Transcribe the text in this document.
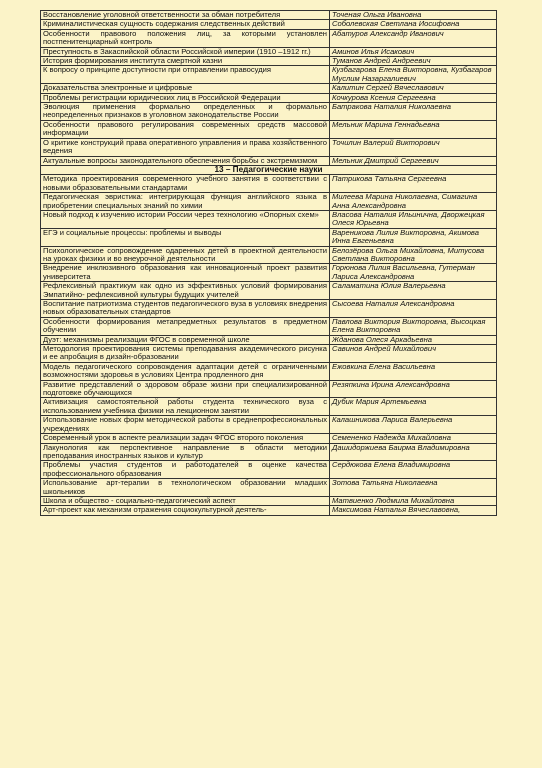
Восстановление уголовной ответственности за обман потребителя	Точеная Ольга Ивановна
Криминалистическая сущность содержания следственных действий	Соболевская Светлана Иосифовна
Особенности правового положения лиц, за которыми установлен постпенитенциарный контроль	Абатуров Александр Иванович
Преступность в Закаспийской области Российской империи (1910 –1912 гг.)	Аминов Илья Исакович
История формирования института смертной казни	Туманов Андрей Андреевич
К вопросу о принципе доступности при отправлении правосудия	Кузбагарова Елена Викторовна, Кузбагаров Муслим Назаргалиевич
Доказательства электронные и цифровые	Калитин Сергей Вячеславович
Проблемы регистрации юридических лиц в Российской Федерации	Кочкурова Ксения Сергеевна
Эволюция применения формально определенных и формально неопределенных признаков в уголовном законодательстве России	Батракова Наталия Николаевна
Особенности правового регулирования современных средств массовой информации	Мельник Марина Геннадьевна
О критике конструкций права оперативного управления и права хозяйственного ведения	Точилин Валерий Викторович
Актуальные вопросы законодательного обеспечения борьбы с экстремизмом	Мельник Дмитрий Сергеевич
13 – Педагогические науки	
Методика проектирования современного учебного занятия в соответствии с новыми образовательными стандартами	Патрикова Татьяна Сергеевна
Педагогическая эвристика: интегрирующая функция английского языка в приобретении специальных знаний по химии	Милеева Марина Николаевна, Симагина Анна Александровна
Новый подход к изучению истории России через технологию «Опорных схем»	Власова Наталия Ильинична, Дворжецкая Олеся Юрьевна
ЕГЭ и социальные процессы: проблемы и выводы	Вареникова Лилия Викторовна, Акимова Инна Евгеньевна
Психологическое сопровождение одаренных детей в проектной деятельности на уроках физики и во внеурочной деятельности	Белозёрова Ольга Михайловна, Митусова Светлана Викторовна
Внедрение инклюзивного образования как инновационный проект развития университета	Горюнова Лилия Васильевна, Гутерман Лариса Александровна
Рефлексивный практикум как одно из эффективных условий формирования Эмпатийно- рефлексивной культуры будущих учителей	Саламатина Юлия Валерьевна
Воспитание патриотизма студентов педагогического вуза в условиях внедрения новых образовательных стандартов	Сысоева Наталия Александровна
Особенности формирования метапредметных результатов в предметном обучении	Павлова Виктория Викторовна, Высоцкая Елена Викторовна
Дуэт: механизмы реализации ФГОС в современной школе	Жданова Олеся Аркадьевна
Методология проектирования системы преподавания академического рисунка и ее апробация в дизайн-образовании	Савинов Андрей Михайлович
Модель педагогического сопровождения адаптации детей с ограниченными возможностями здоровья в условиях Центра продленного дня	Ежовкина Елена Васильевна
Развитие представлений о здоровом образе жизни при специализированной подготовке обучающихся	Резяпкина Ирина Александровна
Активизация самостоятельной работы студента технического вуза с использованием учебника физики на лекционном занятии	Дубик Мария Артемьевна
Использование новых форм методической работы в среднепрофессиональных учреждениях	Калашникова Лариса Валерьевна
Современный урок в аспекте реализации задач ФГОС второго поколения	Семененко Надежда Михайловна
Лакунология как перспективное направление в области методики преподавания иностранных языков и культур	Дашидоржиева Баирма Владимировна
Проблемы участия студентов и работодателей в оценке качества профессионального образования	Сердюкова Елена Владимировна
Использование арт-терапии в технологическом образовании младших школьников	Зотова Татьяна Николаевна
Школа и общество - социально-педагогический аспект	Матвиенко Людмила Михайловна
Арт-проект как механизм отражения социокультурной деятель-	Максимова Наталья Вячеславовна,
